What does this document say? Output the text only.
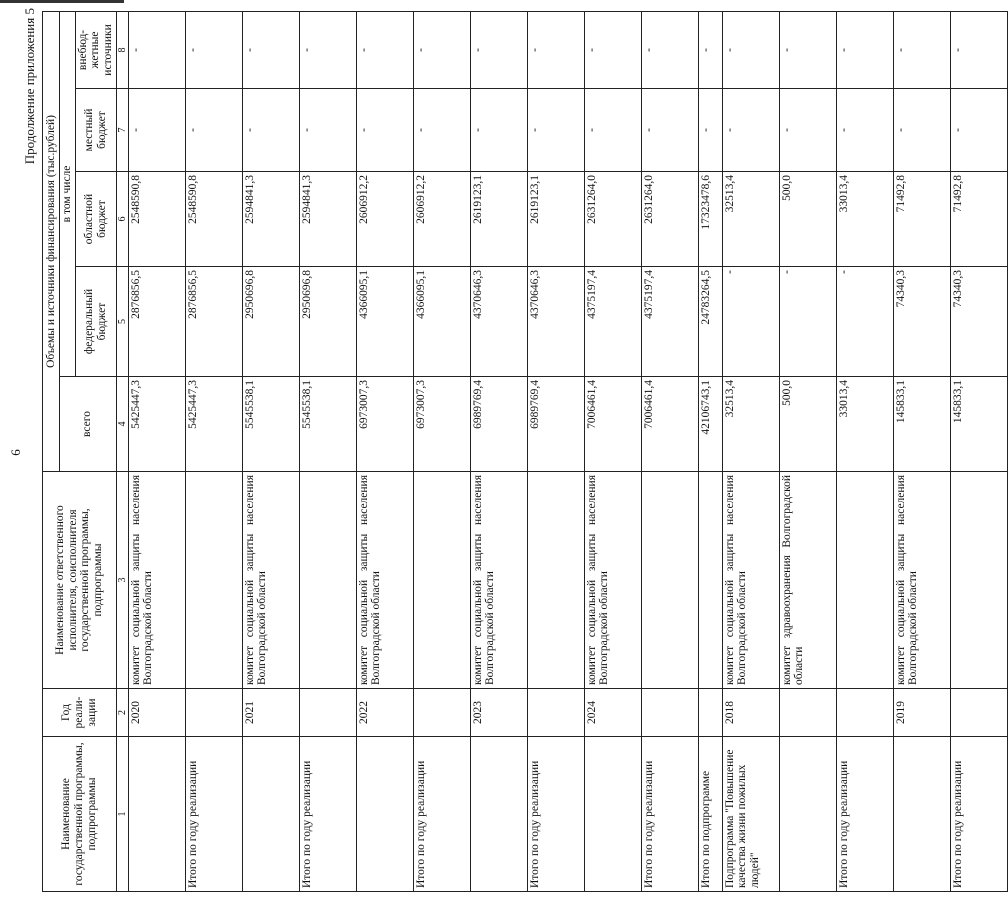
6
Продолжение приложения 5
Наименование государственной программы, подпрограммы	Год реали-зации	Наименование ответственного исполнителя, соисполнителя государственной программы, подпрограммы	Объемы и источники финансирования (тыс.рублей)				
			всего	в том числе			
				федеральный бюджет	областной бюджет	местный бюджет	внебюд-жетные источники
1	2	3	4	5	6	7	8
	2020	комитет социальной защиты населения Волгоградской области	5425447,3	2876856,5	2548590,8	-	-
Итого по году реализации			5425447,3	2876856,5	2548590,8	-	-
	2021	комитет социальной защиты населения Волгоградской области	5545538,1	2950696,8	2594841,3	-	-
Итого по году реализации			5545538,1	2950696,8	2594841,3	-	-
	2022	комитет социальной защиты населения Волгоградской области	6973007,3	4366095,1	2606912,2	-	-
Итого по году реализации			6973007,3	4366095,1	2606912,2	-	-
	2023	комитет социальной защиты населения Волгоградской области	6989769,4	4370646,3	2619123,1	-	-
Итого по году реализации			6989769,4	4370646,3	2619123,1	-	-
	2024	комитет социальной защиты населения Волгоградской области	7006461,4	4375197,4	2631264,0	-	-
Итого по году реализации			7006461,4	4375197,4	2631264,0	-	-
Итого по подпрограмме			42106743,1	24783264,5	17323478,6	-	-
Подпрограмма "Повышение качества жизни пожилых людей"	2018	комитет социальной защиты населения Волгоградской области	32513,4	-	32513,4	-	-
		комитет здравоохранения Волгоградской области	500,0	-	500,0	-	-
Итого по году реализации			33013,4	-	33013,4	-	-
	2019	комитет социальной защиты населения Волгоградской области	145833,1	74340,3	71492,8	-	-
Итого по году реализации			145833,1	74340,3	71492,8	-	-
